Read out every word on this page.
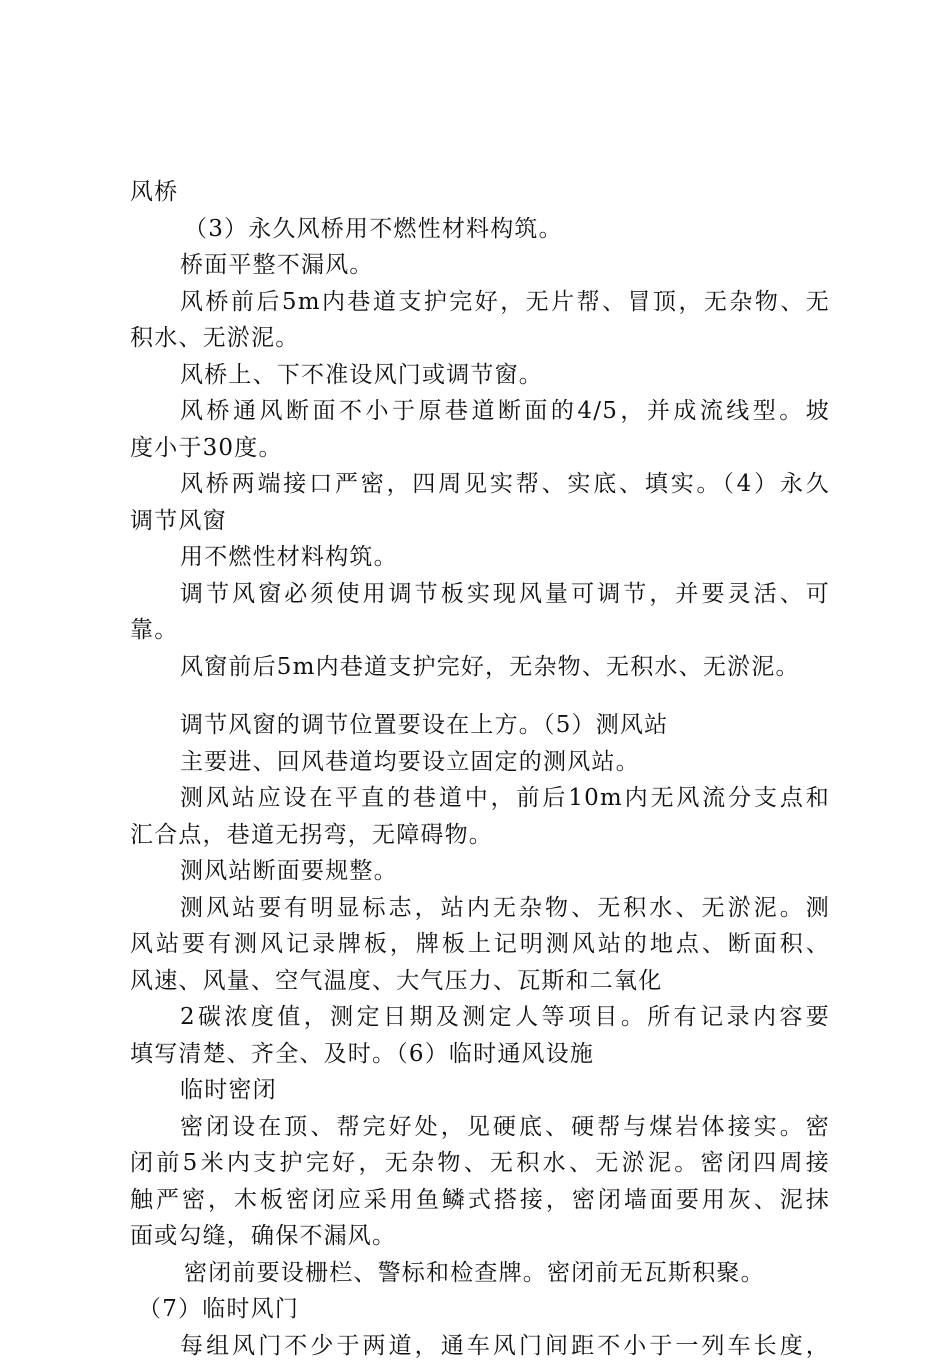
风桥
（3）永久风桥用不燃性材料构筑。
桥面平整不漏风。
风桥前后5m内巷道支护完好，无片帮、冒顶，无杂物、无
积水、无淤泥。
风桥上、下不准设风门或调节窗。
风桥通风断面不小于原巷道断面的4/5，并成流线型。坡
度小于30度。
风桥两端接口严密，四周见实帮、实底、填实。（4）永久
调节风窗
用不燃性材料构筑。
调节风窗必须使用调节板实现风量可调节，并要灵活、可
靠。
风窗前后5m内巷道支护完好，无杂物、无积水、无淤泥。
调节风窗的调节位置要设在上方。（5）测风站
主要进、回风巷道均要设立固定的测风站。
测风站应设在平直的巷道中，前后10m内无风流分支点和
汇合点，巷道无拐弯，无障碍物。
测风站断面要规整。
测风站要有明显标志，站内无杂物、无积水、无淤泥。测
风站要有测风记录牌板，牌板上记明测风站的地点、断面积、
风速、风量、空气温度、大气压力、瓦斯和二氧化
2碳浓度值，测定日期及测定人等项目。所有记录内容要
填写清楚、齐全、及时。（6）临时通风设施
临时密闭
密闭设在顶、帮完好处，见硬底、硬帮与煤岩体接实。密
闭前5米内支护完好，无杂物、无积水、无淤泥。密闭四周接
触严密，木板密闭应采用鱼鳞式搭接，密闭墙面要用灰、泥抹
面或勾缝，确保不漏风。
密闭前要设栅栏、警标和检查牌。密闭前无瓦斯积聚。
（7）临时风门
每组风门不少于两道，通车风门间距不小于一列车长度，
